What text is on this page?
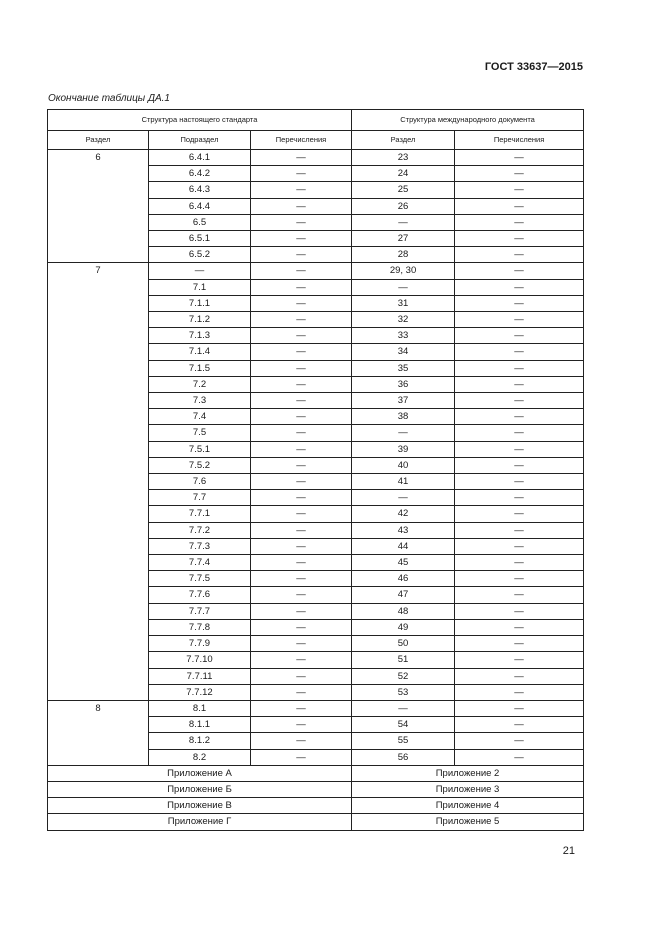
ГОСТ 33637—2015
Окончание таблицы ДА.1
Структура настоящего стандарта			Структура международного документа	
Раздел	Подраздел	Перечисления	Раздел	Перечисления
6	6.4.1	—	23	—
	6.4.2	—	24	—
	6.4.3	—	25	—
	6.4.4	—	26	—
	6.5	—	—	—
	6.5.1	—	27	—
	6.5.2	—	28	—
7	—	—	29, 30	—
	7.1	—	—	—
	7.1.1	—	31	—
	7.1.2	—	32	—
	7.1.3	—	33	—
	7.1.4	—	34	—
	7.1.5	—	35	—
	7.2	—	36	—
	7.3	—	37	—
	7.4	—	38	—
	7.5	—	—	—
	7.5.1	—	39	—
	7.5.2	—	40	—
	7.6	—	41	—
	7.7	—	—	—
	7.7.1	—	42	—
	7.7.2	—	43	—
	7.7.3	—	44	—
	7.7.4	—	45	—
	7.7.5	—	46	—
	7.7.6	—	47	—
	7.7.7	—	48	—
	7.7.8	—	49	—
	7.7.9	—	50	—
	7.7.10	—	51	—
	7.7.11	—	52	—
	7.7.12	—	53	—
8	8.1	—	—	—
	8.1.1	—	54	—
	8.1.2	—	55	—
	8.2	—	56	—
Приложение А			Приложение 2	
Приложение Б			Приложение 3	
Приложение В			Приложение 4	
Приложение Г			Приложение 5	
21
